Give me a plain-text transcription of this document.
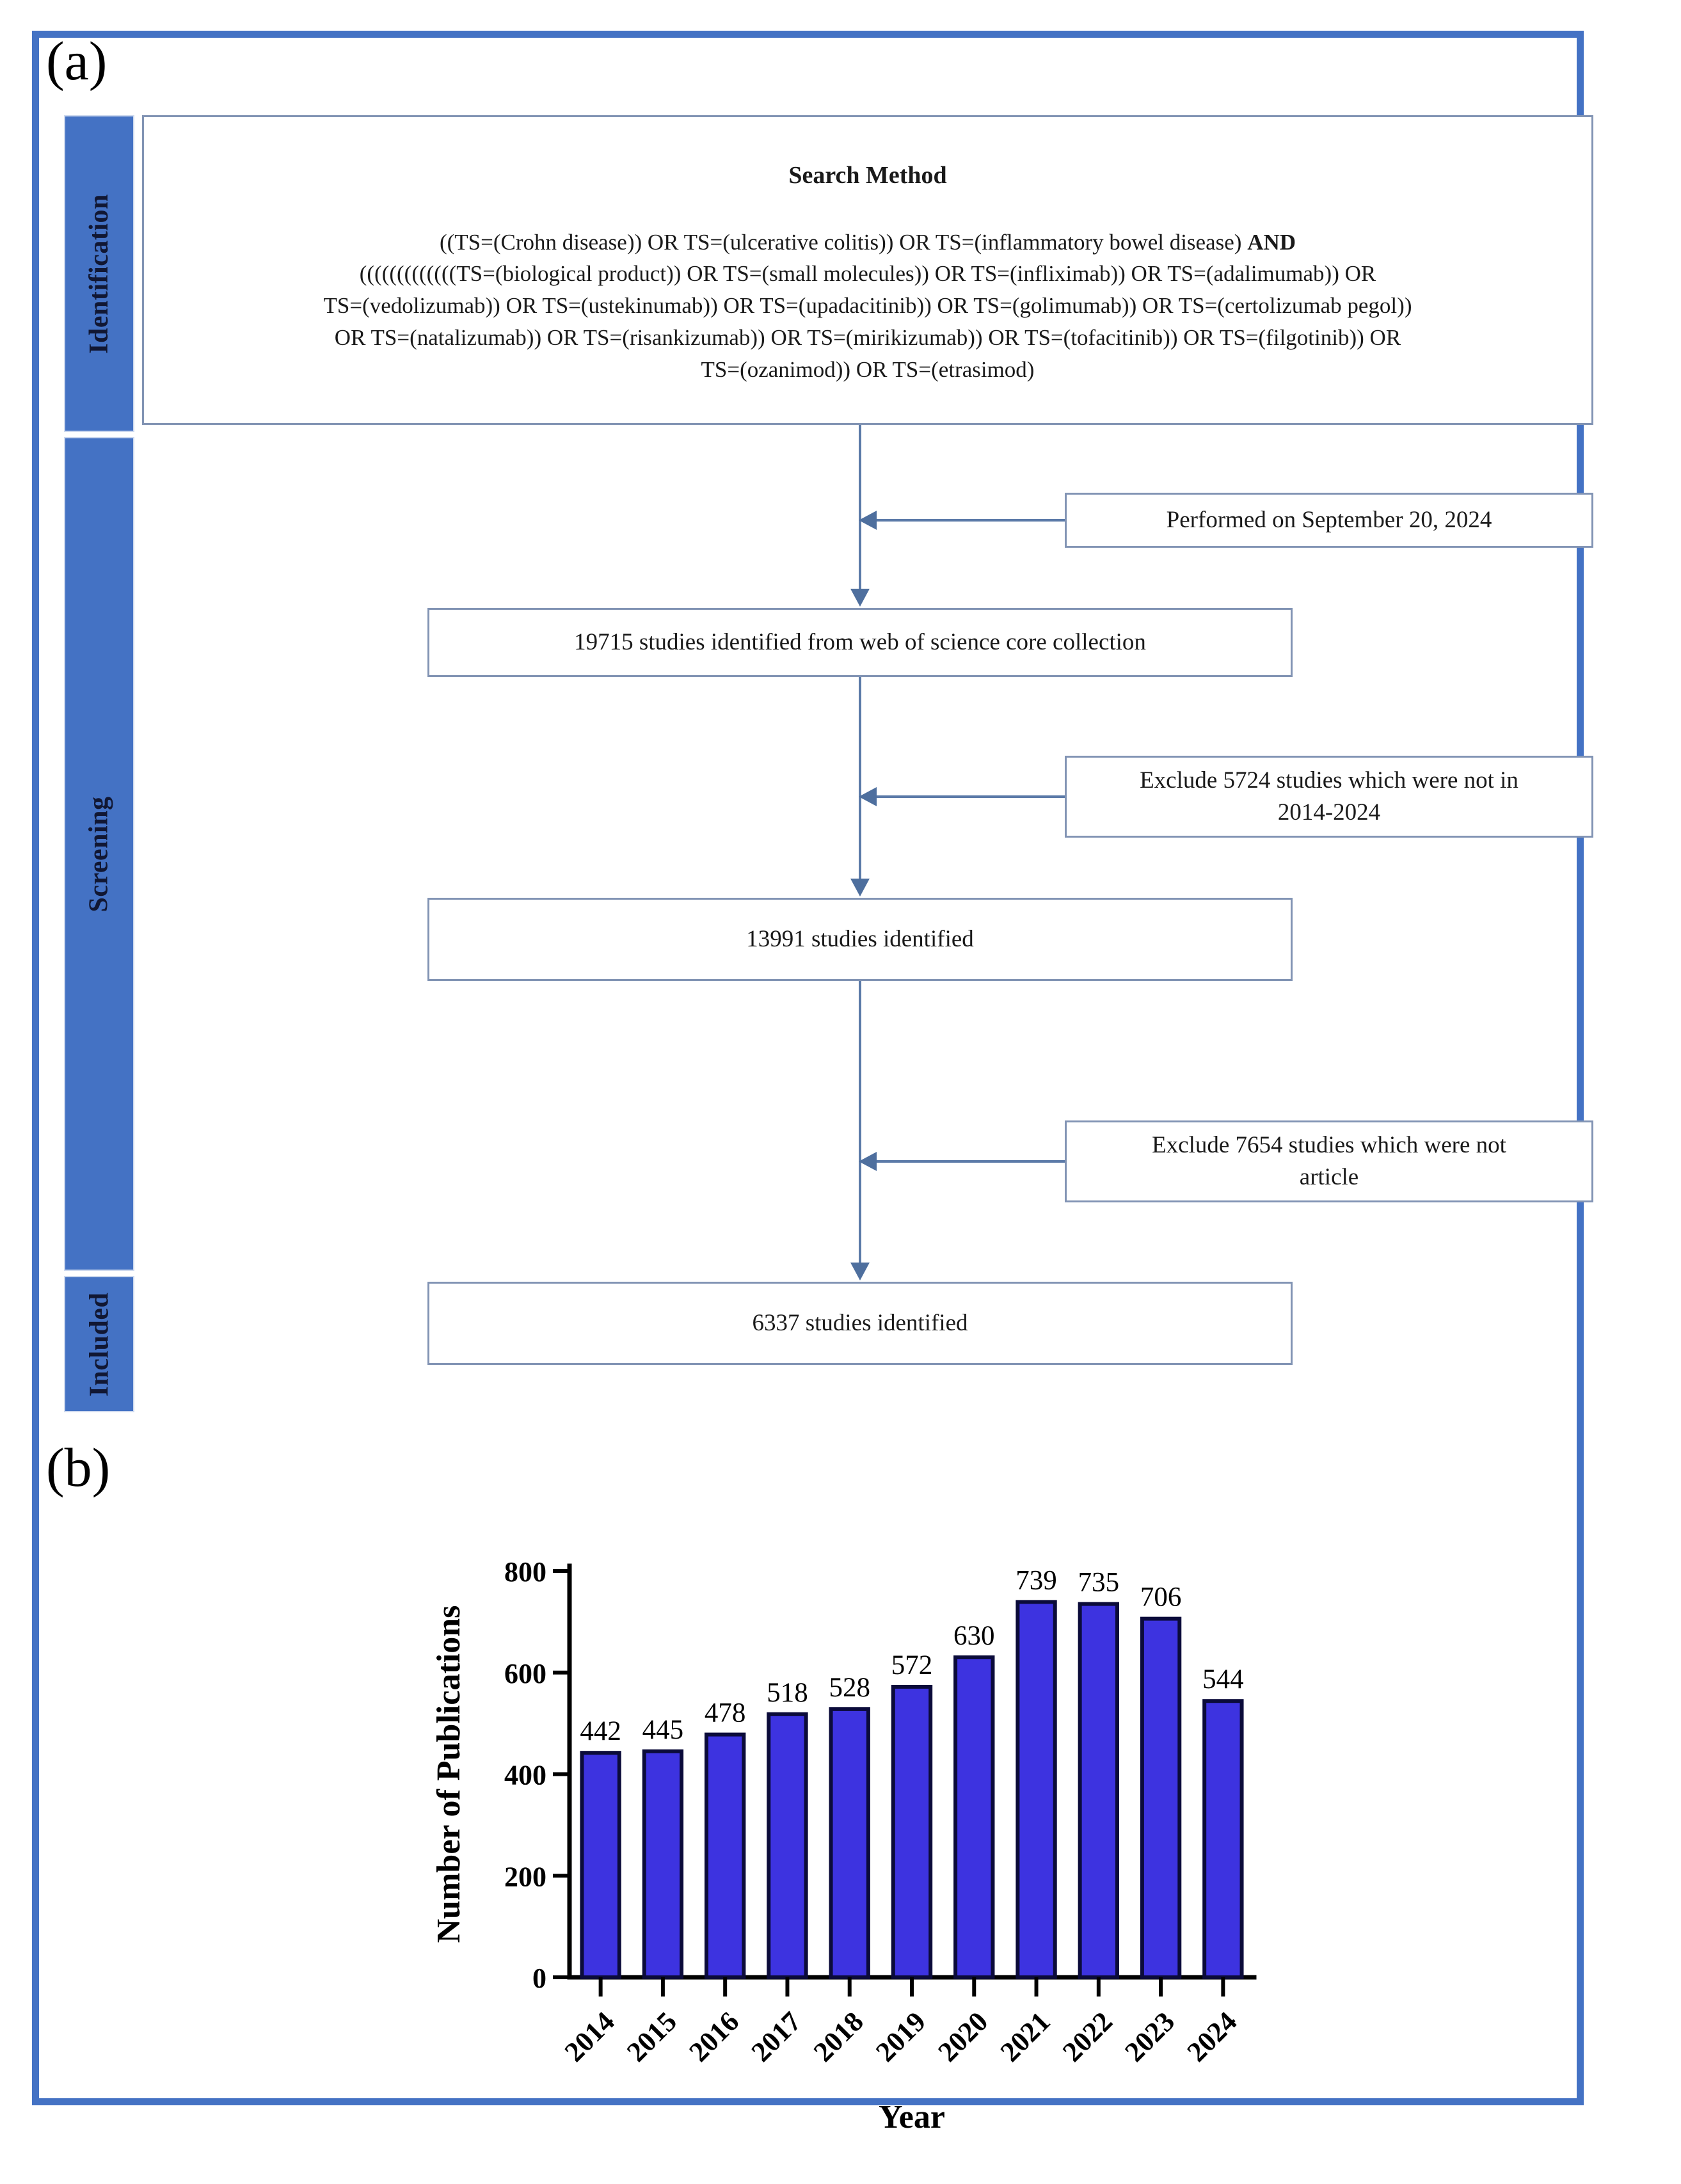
(a)
Identification
Screening
Included
Search Method
((TS=(Crohn disease)) OR TS=(ulcerative colitis)) OR TS=(inflammatory bowel disease) AND
(((((((((((((TS=(biological product)) OR TS=(small molecules)) OR TS=(infliximab)) OR TS=(adalimumab)) OR
TS=(vedolizumab)) OR TS=(ustekinumab)) OR TS=(upadacitinib)) OR TS=(golimumab)) OR TS=(certolizumab pegol))
OR TS=(natalizumab)) OR TS=(risankizumab)) OR TS=(mirikizumab)) OR TS=(tofacitinib)) OR TS=(filgotinib)) OR
TS=(ozanimod)) OR TS=(etrasimod)
Performed on September 20, 2024
19715 studies identified from web of science core collection
Exclude 5724 studies which were not in
2014-2024
13991 studies identified
Exclude 7654 studies which were not
article
6337 studies identified
(b)
0
200
400
600
800
442
2014
445
2015
478
2016
518
2017
528
2018
572
2019
630
2020
739
2021
735
2022
706
2023
544
2024
Number of Publications
Year
